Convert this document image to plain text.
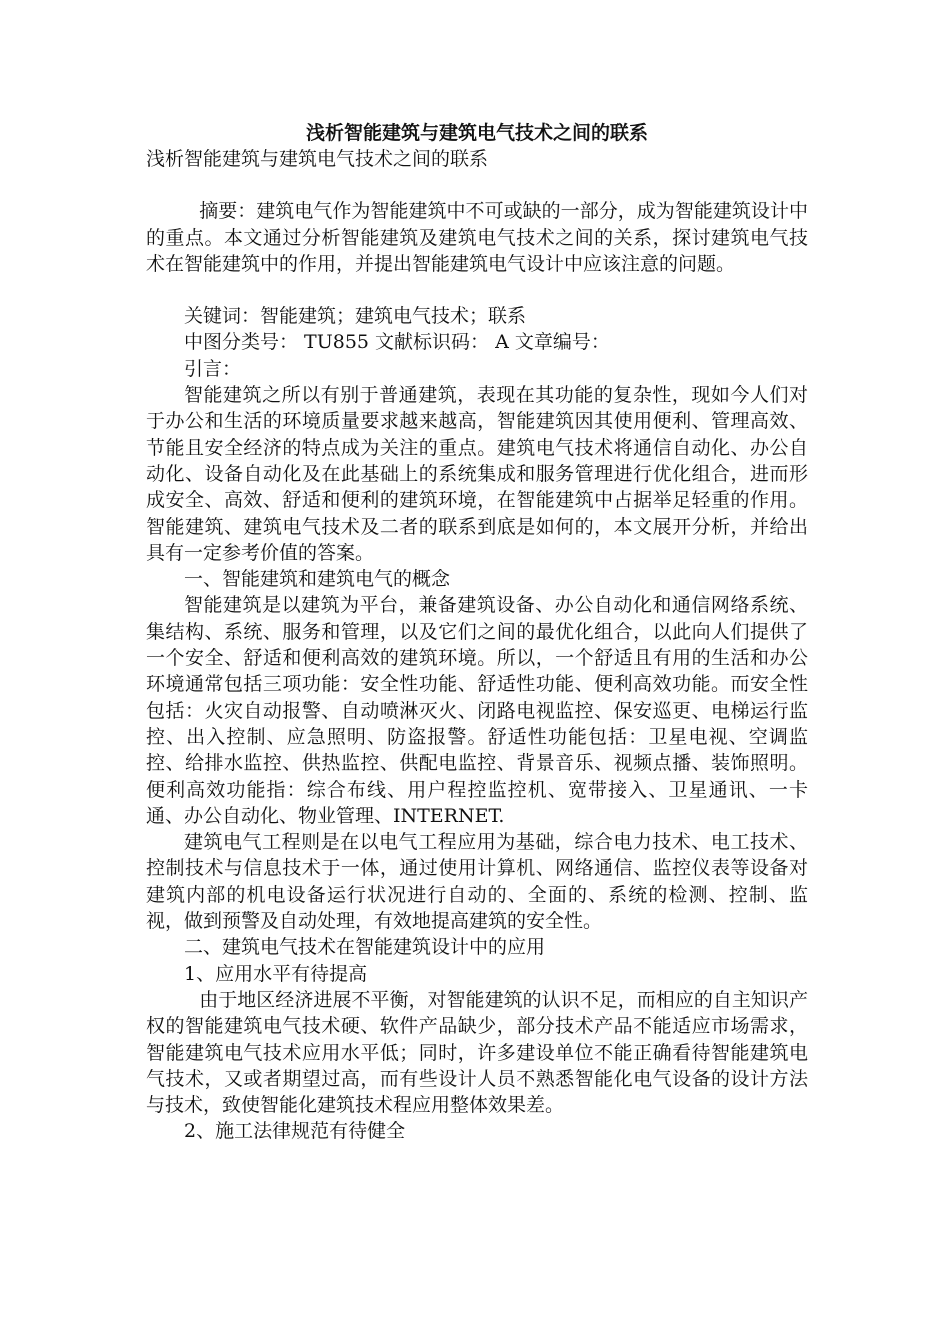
浅析智能建筑与建筑电气技术之间的联系

浅析智能建筑与建筑电气技术之间的联系

摘要：建筑电气作为智能建筑中不可或缺的一部分，成为智能建筑设计中的重点。本文通过分析智能建筑及建筑电气技术之间的关系，探讨建筑电气技术在智能建筑中的作用，并提出智能建筑电气设计中应该注意的问题。

关键词：智能建筑；建筑电气技术；联系

中图分类号： TU855 文献标识码： A 文章编号：

引言：

智能建筑之所以有别于普通建筑，表现在其功能的复杂性，现如今人们对于办公和生活的环境质量要求越来越高，智能建筑因其使用便利、管理高效、节能且安全经济的特点成为关注的重点。建筑电气技术将通信自动化、办公自动化、设备自动化及在此基础上的系统集成和服务管理进行优化组合，进而形成安全、高效、舒适和便利的建筑环境，在智能建筑中占据举足轻重的作用。智能建筑、建筑电气技术及二者的联系到底是如何的，本文展开分析，并给出具有一定参考价值的答案。

一、智能建筑和建筑电气的概念

智能建筑是以建筑为平台，兼备建筑设备、办公自动化和通信网络系统、集结构、系统、服务和管理，以及它们之间的最优化组合，以此向人们提供了一个安全、舒适和便利高效的建筑环境。所以，一个舒适且有用的生活和办公环境通常包括三项功能：安全性功能、舒适性功能、便利高效功能。而安全性包括：火灾自动报警、自动喷淋灭火、闭路电视监控、保安巡更、电梯运行监控、出入控制、应急照明、防盗报警。舒适性功能包括：卫星电视、空调监控、给排水监控、供热监控、供配电监控、背景音乐、视频点播、装饰照明。 便利高效功能指：综合布线、用户程控监控机、宽带接入、卫星通讯、一卡通、办公自动化、物业管理、INTERNET.

建筑电气工程则是在以电气工程应用为基础，综合电力技术、电工技术、控制技术与信息技术于一体，通过使用计算机、网络通信、监控仪表等设备对建筑内部的机电设备运行状况进行自动的、全面的、系统的检测、控制、监视，做到预警及自动处理，有效地提高建筑的安全性。

二、建筑电气技术在智能建筑设计中的应用

1、应用水平有待提高

由于地区经济进展不平衡，对智能建筑的认识不足，而相应的自主知识产权的智能建筑电气技术硬、软件产品缺少，部分技术产品不能适应市场需求，智能建筑电气技术应用水平低；同时，许多建设单位不能正确看待智能建筑电气技术，又或者期望过高，而有些设计人员不熟悉智能化电气设备的设计方法与技术，致使智能化建筑技术程应用整体效果差。

2、施工法律规范有待健全
